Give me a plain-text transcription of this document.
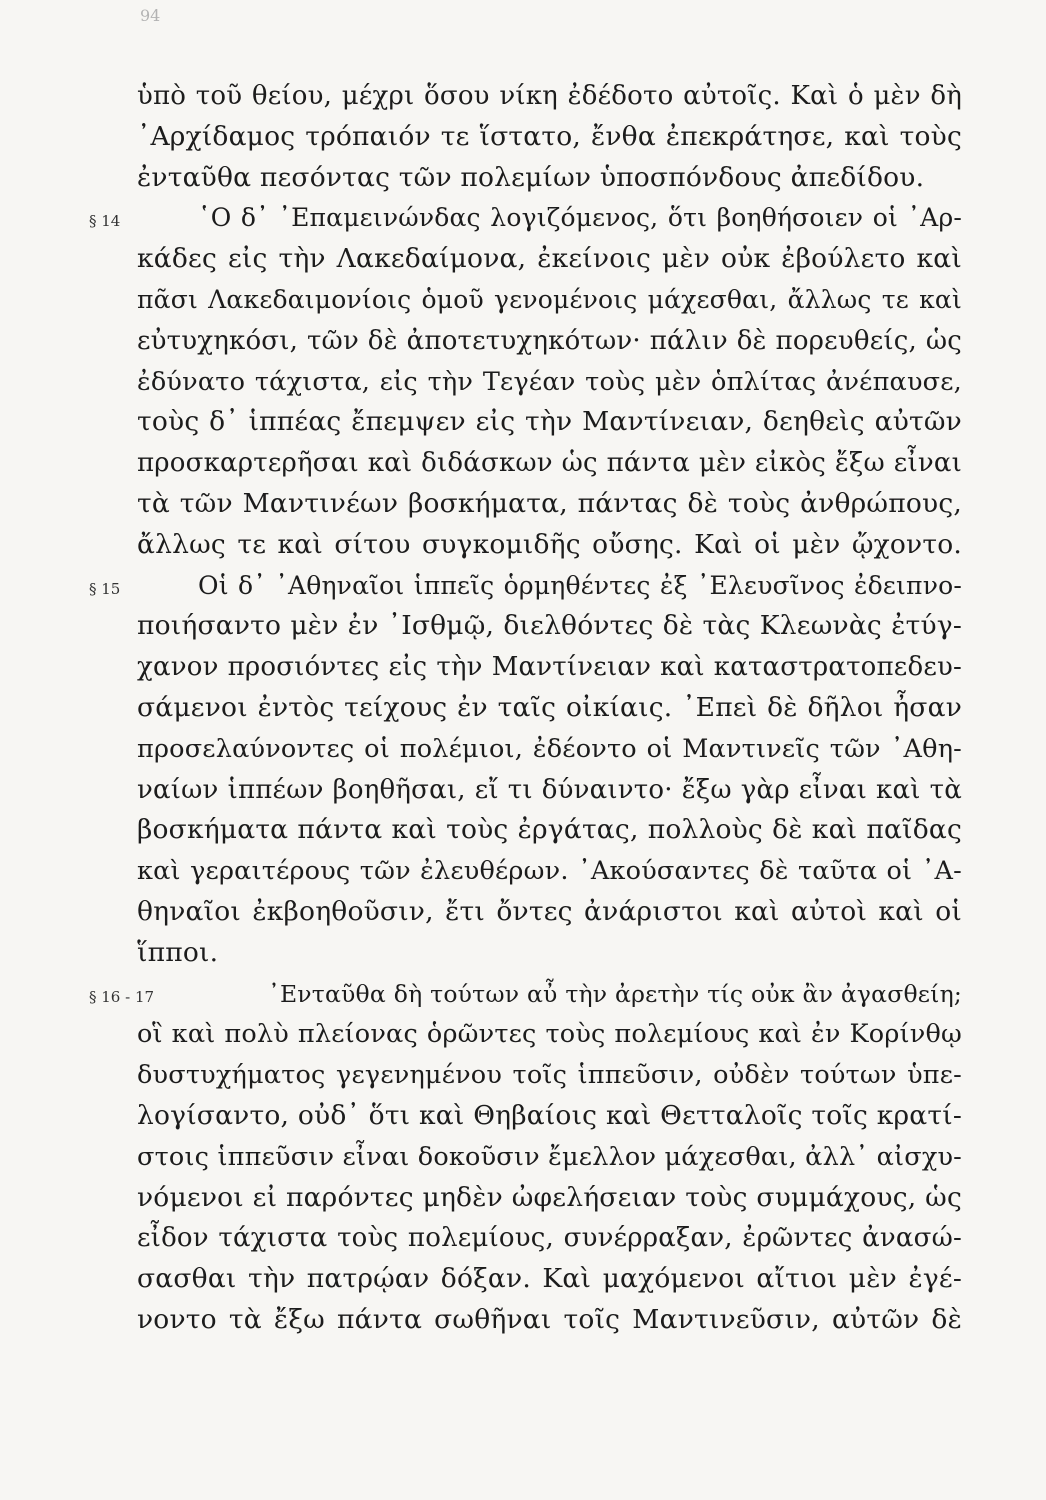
94
ὑπὸ τοῦ θείου, μέχρι ὅσου νίκη ἐδέδοτο αὐτοῖς. Καὶ ὁ μὲν δὴ
᾿Αρχίδαμος τρόπαιόν τε ἵστατο, ἔνθα ἐπεκράτησε, καὶ τοὺς
ἐνταῦθα πεσόντας τῶν πολεμίων ὑποσπόνδους ἀπεδίδου.
§ 14	῾Ο δ᾿ ᾿Επαμεινώνδας λογιζόμενος, ὅτι βοηθήσοιεν οἱ ᾿Αρ-
κάδες εἰς τὴν Λακεδαίμονα, ἐκείνοις μὲν οὐκ ἐβούλετο καὶ
πᾶσι Λακεδαιμονίοις ὁμοῦ γενομένοις μάχεσθαι, ἄλλως τε καὶ
εὐτυχηκόσι, τῶν δὲ ἀποτετυχηκότων· πάλιν δὲ πορευθείς, ὡς
ἐδύνατο τάχιστα, εἰς τὴν Τεγέαν τοὺς μὲν ὁπλίτας ἀνέπαυσε,
τοὺς δ᾿ ἱππέας ἔπεμψεν εἰς τὴν Μαντίνειαν, δεηθεὶς αὐτῶν
προσκαρτερῆσαι καὶ διδάσκων ὡς πάντα μὲν εἰκὸς ἔξω εἶναι
τὰ τῶν Μαντινέων βοσκήματα, πάντας δὲ τοὺς ἀνθρώπους,
ἄλλως τε καὶ σίτου συγκομιδῆς οὔσης. Καὶ οἱ μὲν ᾤχοντο.
§ 15	Οἱ δ᾿ ᾿Αθηναῖοι ἱππεῖς ὁρμηθέντες ἐξ ᾿Ελευσῖνος ἐδειπνο-
ποιήσαντο μὲν ἐν ᾿Ισθμῷ, διελθόντες δὲ τὰς Κλεωνὰς ἐτύγ-
χανον προσιόντες εἰς τὴν Μαντίνειαν καὶ καταστρατοπεδευ-
σάμενοι ἐντὸς τείχους ἐν ταῖς οἰκίαις. ᾿Επεὶ δὲ δῆλοι ἦσαν
προσελαύνοντες οἱ πολέμιοι, ἐδέοντο οἱ Μαντινεῖς τῶν ᾿Αθη-
ναίων ἱππέων βοηθῆσαι, εἴ τι δύναιντο· ἔξω γὰρ εἶναι καὶ τὰ
βοσκήματα πάντα καὶ τοὺς ἐργάτας, πολλοὺς δὲ καὶ παῖδας
καὶ γεραιτέρους τῶν ἐλευθέρων. ᾿Ακούσαντες δὲ ταῦτα οἱ ᾿Α-
θηναῖοι ἐκβοηθοῦσιν, ἔτι ὄντες ἀνάριστοι καὶ αὐτοὶ καὶ οἱ
ἵπποι.
§ 16 - 17	᾿Ενταῦθα δὴ τούτων αὖ τὴν ἀρετὴν τίς οὐκ ἂν ἀγασθείη;
οἳ καὶ πολὺ πλείονας ὁρῶντες τοὺς πολεμίους καὶ ἐν Κορίνθῳ
δυστυχήματος γεγενημένου τοῖς ἱππεῦσιν, οὐδὲν τούτων ὑπε-
λογίσαντο, οὐδ᾿ ὅτι καὶ Θηβαίοις καὶ Θετταλοῖς τοῖς κρατί-
στοις ἱππεῦσιν εἶναι δοκοῦσιν ἔμελλον μάχεσθαι, ἀλλ᾿ αἰσχυ-
νόμενοι εἰ παρόντες μηδὲν ὠφελήσειαν τοὺς συμμάχους, ὡς
εἶδον τάχιστα τοὺς πολεμίους, συνέρραξαν, ἐρῶντες ἀνασώ-
σασθαι τὴν πατρῴαν δόξαν. Καὶ μαχόμενοι αἴτιοι μὲν ἐγέ-
νοντο τὰ ἔξω πάντα σωθῆναι τοῖς Μαντινεῦσιν, αὐτῶν δὲ
